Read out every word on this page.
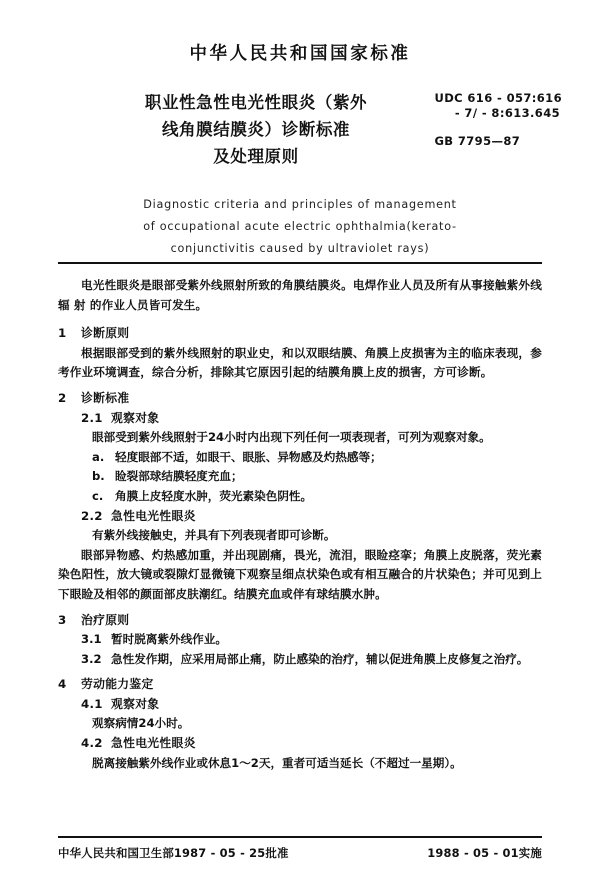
中华人民共和国国家标准
职业性急性电光性眼炎（紫外
线角膜结膜炎）诊断标准
及处理原则
UDC 616 - 057:616
- 7/ - 8:613.645
GB 7795—87
Diagnostic criteria and principles of management
of occupational acute electric ophthalmia(kerato-
conjunctivitis caused by ultraviolet rays)

电光性眼炎是眼部受紫外线照射所致的角膜结膜炎。电焊作业人员及所有从事接触紫外线辐 射 的作业人员皆可发生。

1 诊断原则

根据眼部受到的紫外线照射的职业史，和以双眼结膜、角膜上皮损害为主的临床表现，参考作业环境调查，综合分析，排除其它原因引起的结膜角膜上皮的损害，方可诊断。

2 诊断标准

2.1 观察对象

眼部受到紫外线照射于24小时内出现下列任何一项表现者，可列为观察对象。

a. 轻度眼部不适，如眼干、眼胀、异物感及灼热感等；

b. 睑裂部球结膜轻度充血；

c. 角膜上皮轻度水肿，荧光素染色阴性。

2.2 急性电光性眼炎

有紫外线接触史，并具有下列表现者即可诊断。

眼部异物感、灼热感加重，并出现剧痛，畏光，流泪，眼睑痉挛；角膜上皮脱落，荧光素染色阳性，放大镜或裂隙灯显微镜下观察呈细点状染色或有相互融合的片状染色；并可见到上下眼睑及相邻的颜面部皮肤潮红。结膜充血或伴有球结膜水肿。

3 治疗原则

3.1 暂时脱离紫外线作业。

3.2 急性发作期，应采用局部止痛，防止感染的治疗，辅以促进角膜上皮修复之治疗。

4 劳动能力鉴定

4.1 观察对象

观察病情24小时。

4.2 急性电光性眼炎

脱离接触紫外线作业或休息1～2天，重者可适当延长（不超过一星期）。

中华人民共和国卫生部1987 - 05 - 25批准	1988 - 05 - 01实施
